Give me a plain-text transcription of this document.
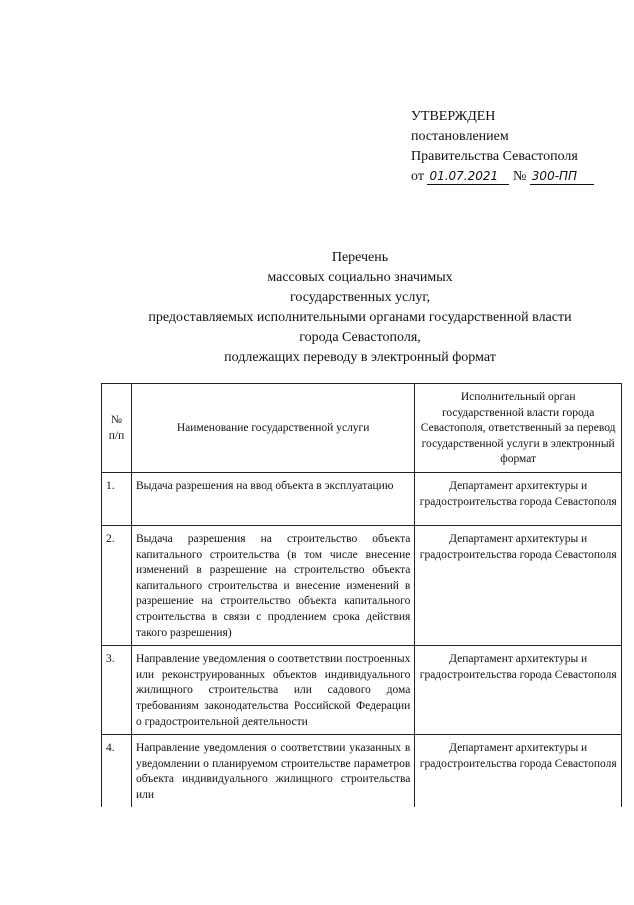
УТВЕРЖДЕН
постановлением
Правительства Севастополя
от 01.07.2021 № 300-ПП
Перечень
массовых социально значимых
государственных услуг,
предоставляемых исполнительными органами государственной власти
города Севастополя,
подлежащих переводу в электронный формат
№ п/п	Наименование государственной услуги	Исполнительный орган государственной власти города Севастополя, ответственный за перевод государственной услуги в электронный формат
1.	Выдача разрешения на ввод объекта в эксплуатацию	Департамент архитектуры и градостроительства города Севастополя
2.	Выдача разрешения на строительство объекта капитального строительства (в том числе внесение изменений в разрешение на строительство объекта капитального строительства и внесение изменений в разрешение на строительство объекта капитального строительства в связи с продлением срока действия такого разрешения)	Департамент архитектуры и градостроительства города Севастополя
3.	Направление уведомления о соответствии построенных или реконструированных объектов индивидуального жилищного строительства или садового дома требованиям законодательства Российской Федерации о градостроительной деятельности	Департамент архитектуры и градостроительства города Севастополя
4.	Направление уведомления о соответствии указанных в уведомлении о планируемом строительстве параметров объекта индивидуального жилищного строительства или	Департамент архитектуры и градостроительства города Севастополя
